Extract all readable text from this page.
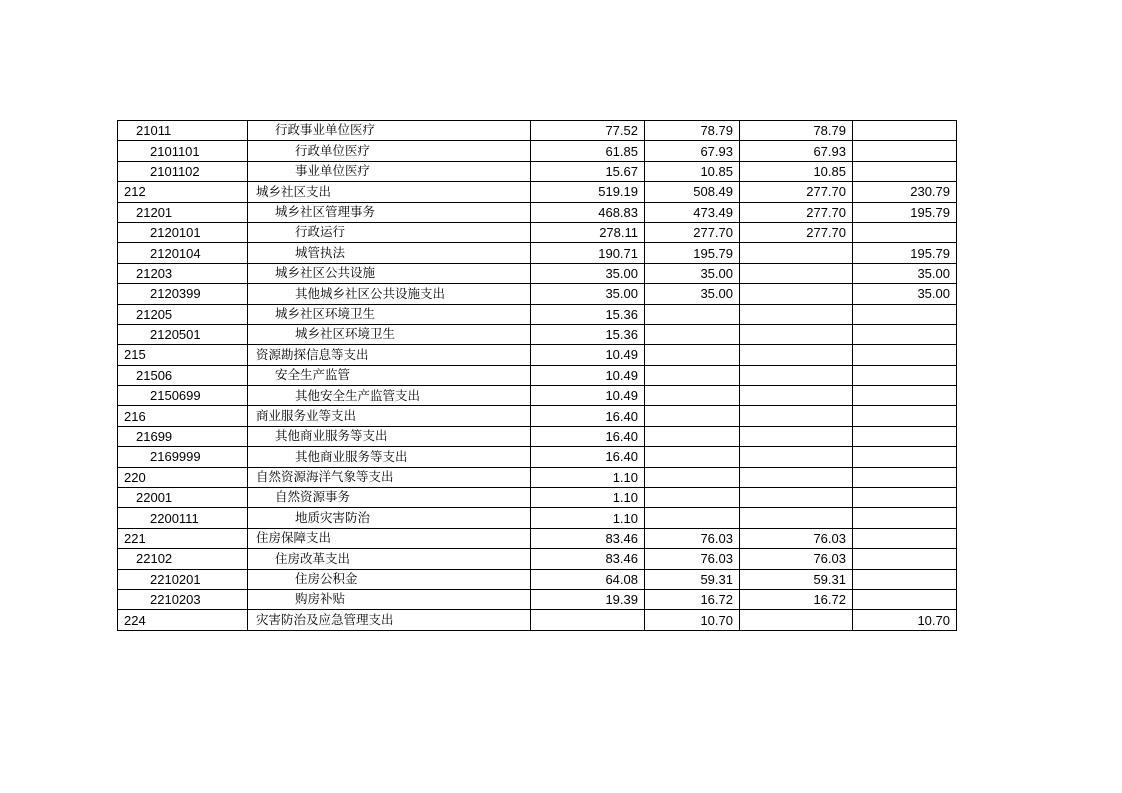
21011	行政事业单位医疗	77.52	78.79	78.79	
2101101	行政单位医疗	61.85	67.93	67.93	
2101102	事业单位医疗	15.67	10.85	10.85	
212	城乡社区支出	519.19	508.49	277.70	230.79
21201	城乡社区管理事务	468.83	473.49	277.70	195.79
2120101	行政运行	278.11	277.70	277.70	
2120104	城管执法	190.71	195.79		195.79
21203	城乡社区公共设施	35.00	35.00		35.00
2120399	其他城乡社区公共设施支出	35.00	35.00		35.00
21205	城乡社区环境卫生	15.36			
2120501	城乡社区环境卫生	15.36			
215	资源勘探信息等支出	10.49			
21506	安全生产监管	10.49			
2150699	其他安全生产监管支出	10.49			
216	商业服务业等支出	16.40			
21699	其他商业服务等支出	16.40			
2169999	其他商业服务等支出	16.40			
220	自然资源海洋气象等支出	1.10			
22001	自然资源事务	1.10			
2200111	地质灾害防治	1.10			
221	住房保障支出	83.46	76.03	76.03	
22102	住房改革支出	83.46	76.03	76.03	
2210201	住房公积金	64.08	59.31	59.31	
2210203	购房补贴	19.39	16.72	16.72	
224	灾害防治及应急管理支出		10.70		10.70
